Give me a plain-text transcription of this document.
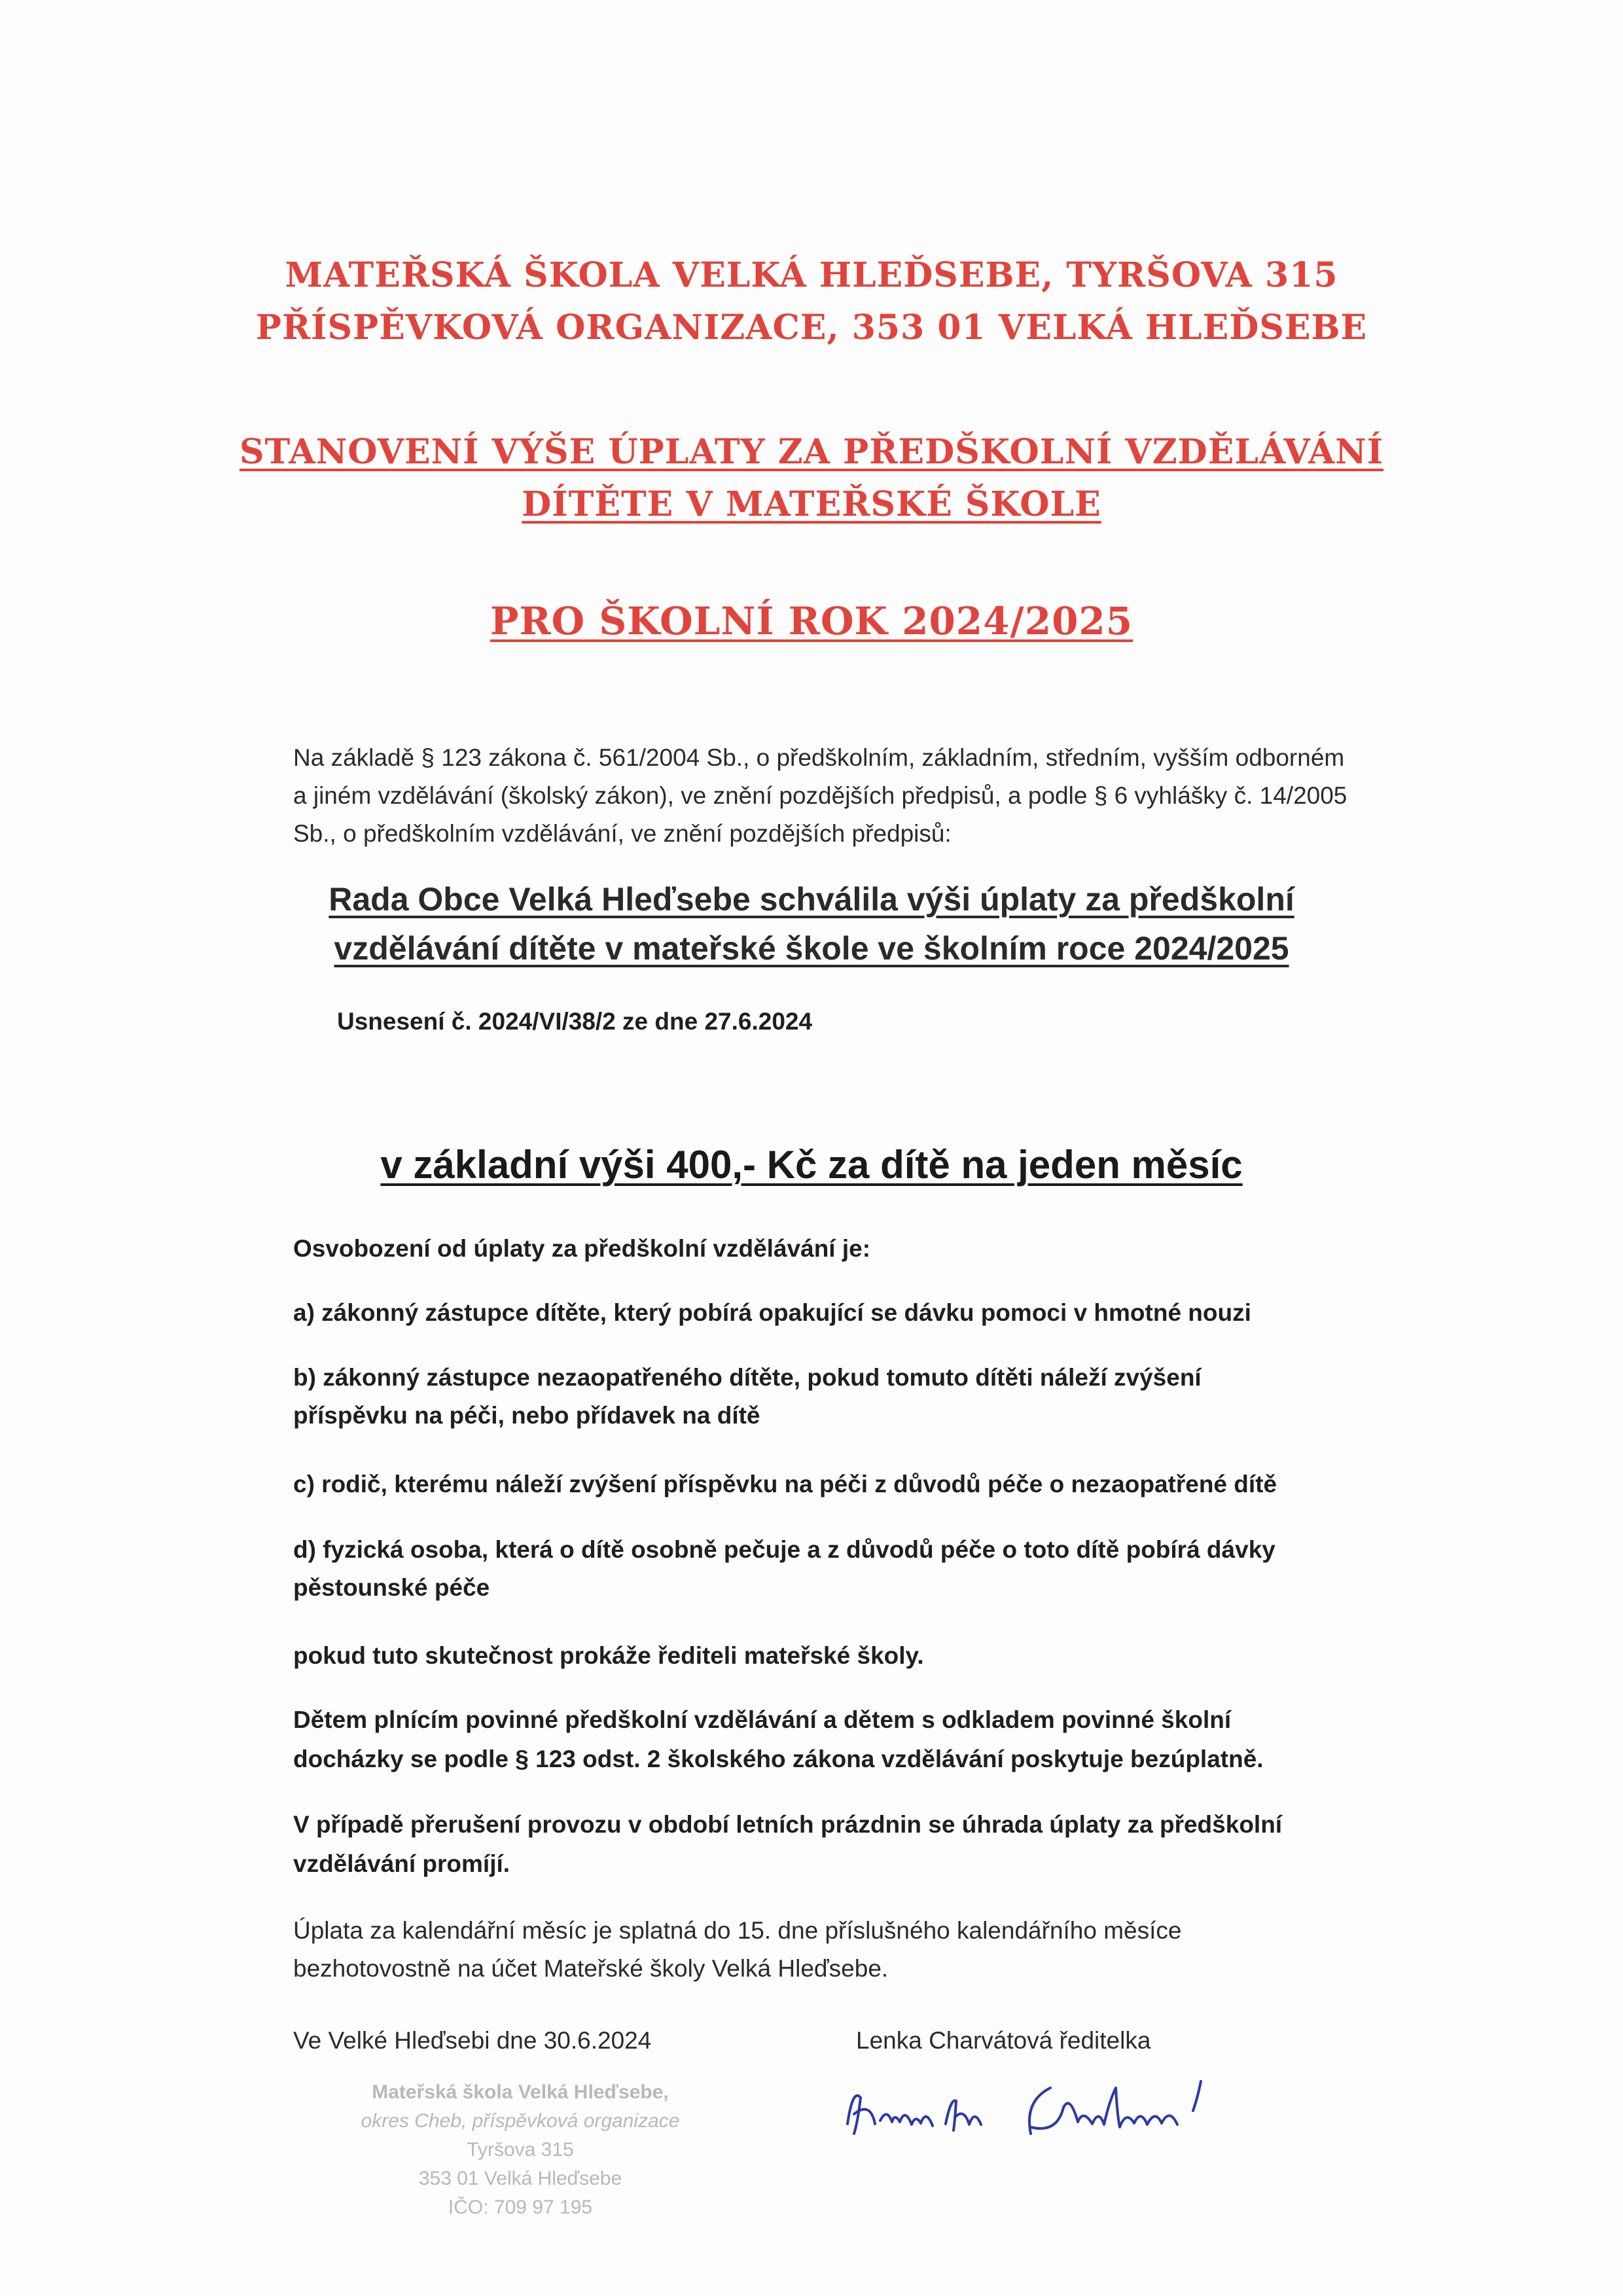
MATEŘSKÁ ŠKOLA VELKÁ HLEĎSEBE, TYRŠOVA 315
PŘÍSPĚVKOVÁ ORGANIZACE, 353 01 VELKÁ HLEĎSEBE
STANOVENÍ VÝŠE ÚPLATY ZA PŘEDŠKOLNÍ VZDĚLÁVÁNÍ
DÍTĚTE V MATEŘSKÉ ŠKOLE
PRO ŠKOLNÍ ROK 2024/2025
Na základě § 123 zákona č. 561/2004 Sb., o předškolním, základním, středním, vyšším odborném
a jiném vzdělávání (školský zákon), ve znění pozdějších předpisů, a podle § 6 vyhlášky č. 14/2005
Sb., o předškolním vzdělávání, ve znění pozdějších předpisů:
Rada Obce Velká Hleďsebe schválila výši úplaty za předškolní
vzdělávání dítěte v mateřské škole ve školním roce 2024/2025
Usnesení č. 2024/VI/38/2 ze dne 27.6.2024
v základní výši 400,- Kč za dítě na jeden měsíc
Osvobození od úplaty za předškolní vzdělávání je:
a) zákonný zástupce dítěte, který pobírá opakující se dávku pomoci v hmotné nouzi
b) zákonný zástupce nezaopatřeného dítěte, pokud tomuto dítěti náleží zvýšení
příspěvku na péči, nebo přídavek na dítě
c) rodič, kterému náleží zvýšení příspěvku na péči z důvodů péče o nezaopatřené dítě
d) fyzická osoba, která o dítě osobně pečuje a z důvodů péče o toto dítě pobírá dávky
pěstounské péče
pokud tuto skutečnost prokáže řediteli mateřské školy.
Dětem plnícím povinné předškolní vzdělávání a dětem s odkladem povinné školní
docházky se podle § 123 odst. 2 školského zákona vzdělávání poskytuje bezúplatně.
V případě přerušení provozu v období letních prázdnin se úhrada úplaty za předškolní
vzdělávání promíjí.
Úplata za kalendářní měsíc je splatná do 15. dne příslušného kalendářního měsíce
bezhotovostně na účet Mateřské školy Velká Hleďsebe.
Ve Velké Hleďsebi dne 30.6.2024	Lenka Charvátová ředitelka
Mateřská škola Velká Hleďsebe,
okres Cheb, příspěvková organizace
Tyršova 315
353 01 Velká Hleďsebe
IČO: 709 97 195
